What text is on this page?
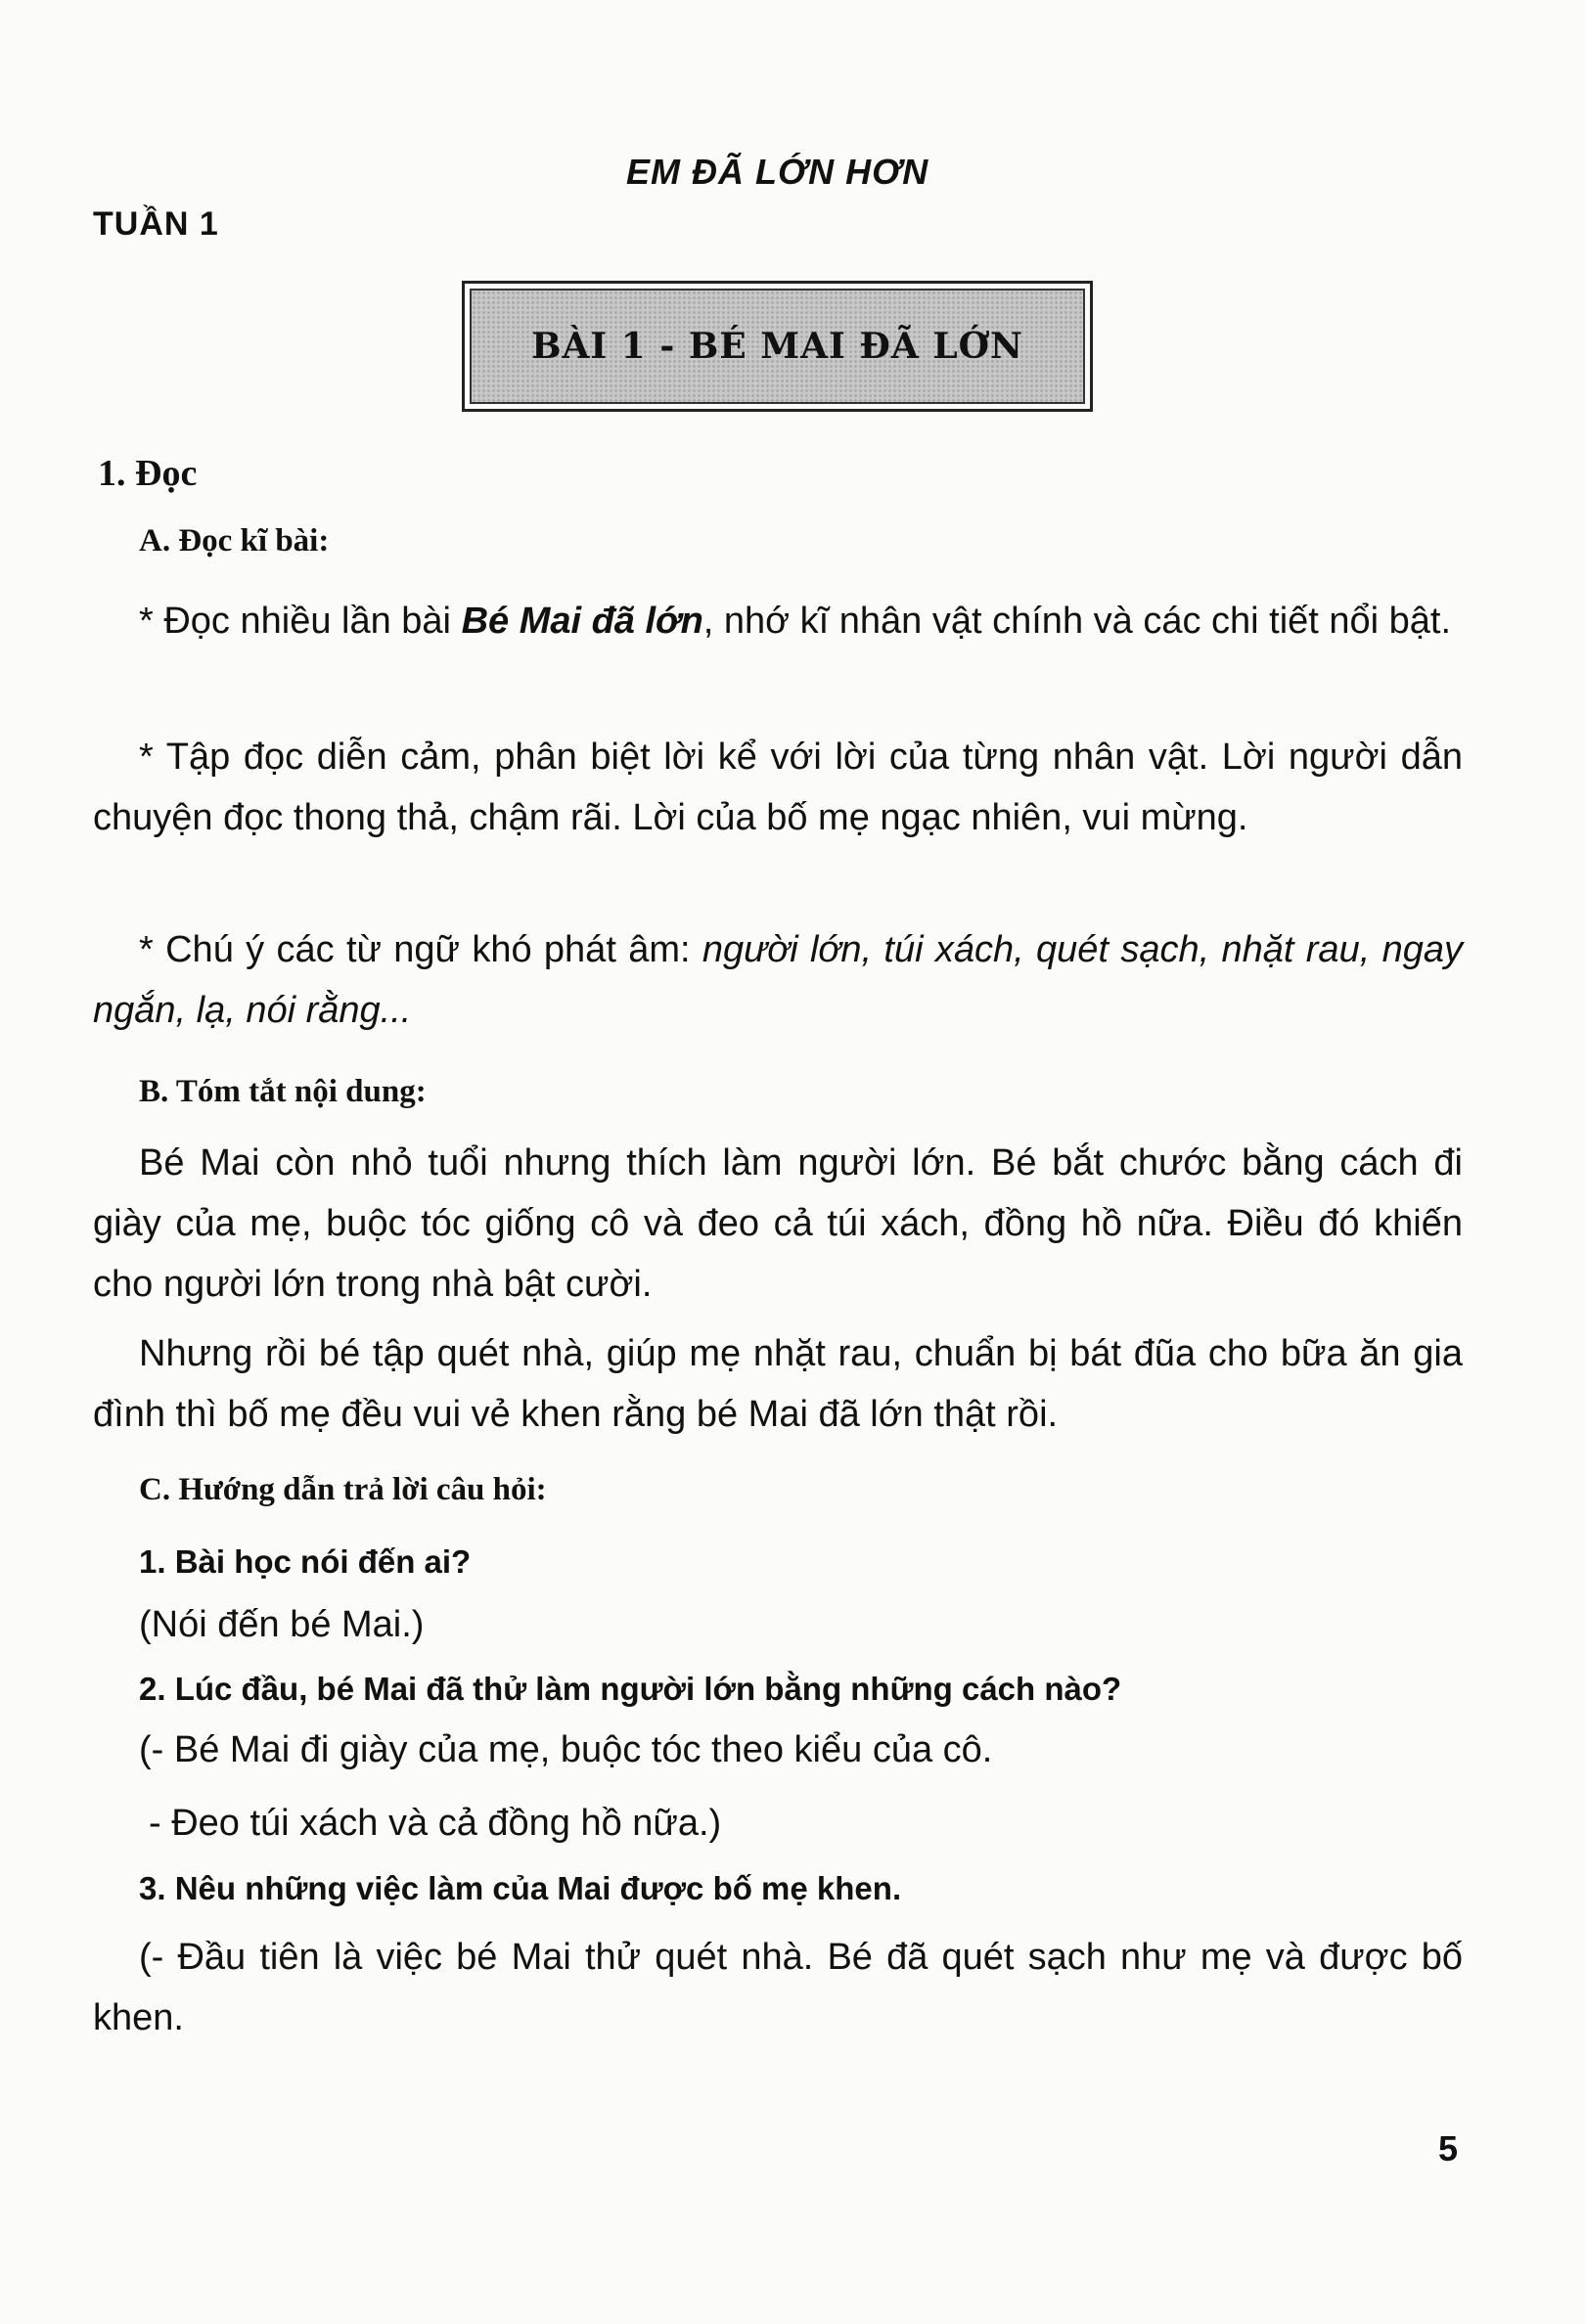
EM ĐÃ LỚN HƠN
TUẦN 1
BÀI 1 - BÉ MAI ĐÃ LỚN
1. Đọc
A. Đọc kĩ bài:

* Đọc nhiều lần bài Bé Mai đã lớn, nhớ kĩ nhân vật chính và các chi tiết nổi bật.

* Tập đọc diễn cảm, phân biệt lời kể với lời của từng nhân vật. Lời người dẫn chuyện đọc thong thả, chậm rãi. Lời của bố mẹ ngạc nhiên, vui mừng.

* Chú ý các từ ngữ khó phát âm: người lớn, túi xách, quét sạch, nhặt rau, ngay ngắn, lạ, nói rằng...

B. Tóm tắt nội dung:

Bé Mai còn nhỏ tuổi nhưng thích làm người lớn. Bé bắt chước bằng cách đi giày của mẹ, buộc tóc giống cô và đeo cả túi xách, đồng hồ nữa. Điều đó khiến cho người lớn trong nhà bật cười.

Nhưng rồi bé tập quét nhà, giúp mẹ nhặt rau, chuẩn bị bát đũa cho bữa ăn gia đình thì bố mẹ đều vui vẻ khen rằng bé Mai đã lớn thật rồi.

C. Hướng dẫn trả lời câu hỏi:
1. Bài học nói đến ai?
(Nói đến bé Mai.)
2. Lúc đầu, bé Mai đã thử làm người lớn bằng những cách nào?
(- Bé Mai đi giày của mẹ, buộc tóc theo kiểu của cô.
- Đeo túi xách và cả đồng hồ nữa.)
3. Nêu những việc làm của Mai được bố mẹ khen.

(- Đầu tiên là việc bé Mai thử quét nhà. Bé đã quét sạch như mẹ và được bố khen.

5
